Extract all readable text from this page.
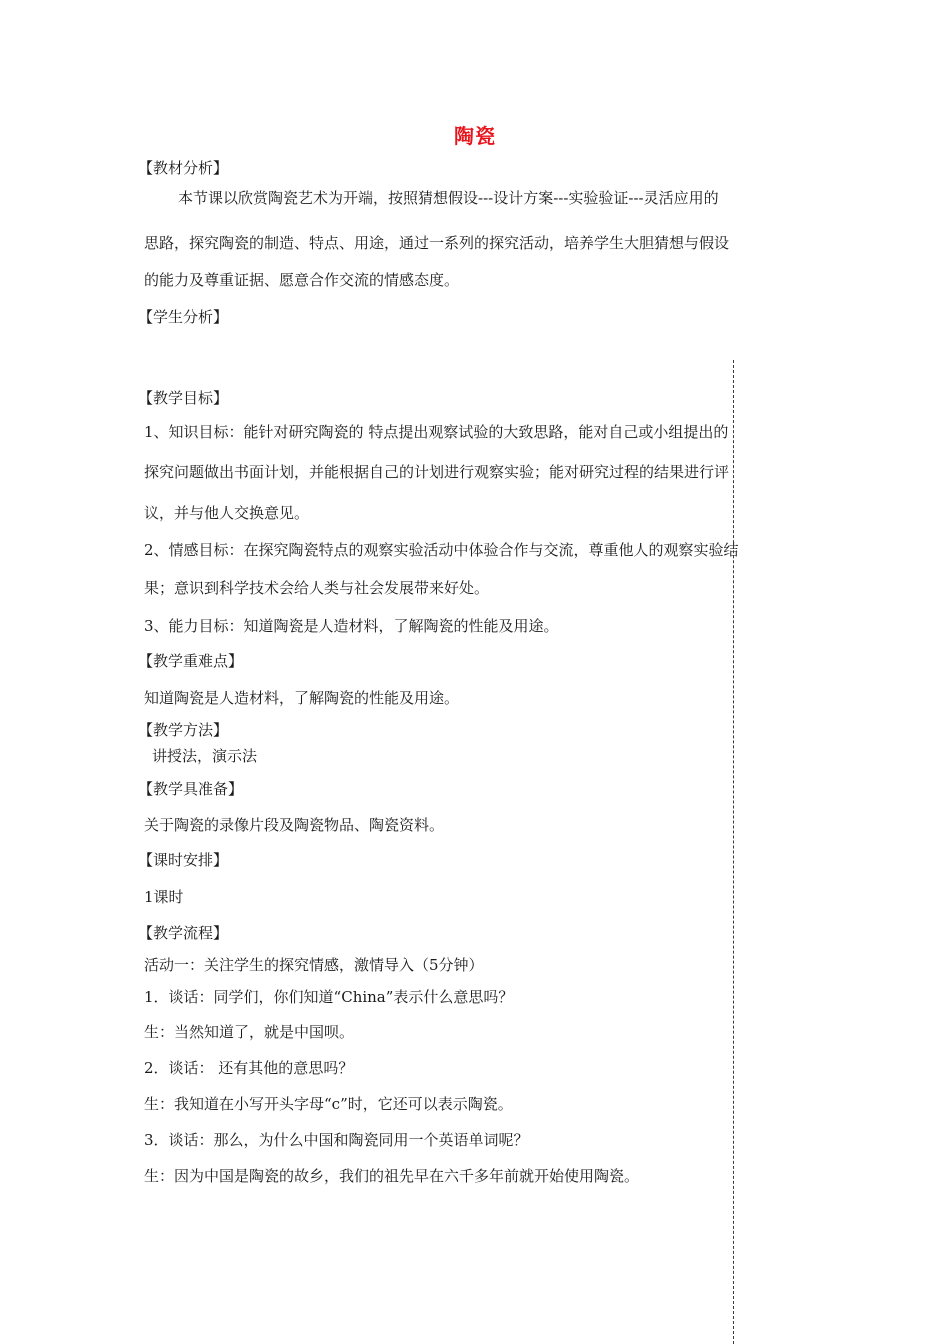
陶瓷
【教材分析】
本节课以欣赏陶瓷艺术为开端，按照猜想假设---设计方案---实验验证---灵活应用的
思路，探究陶瓷的制造、特点、用途，通过一系列的探究活动，培养学生大胆猜想与假设
的能力及尊重证据、愿意合作交流的情感态度。
【学生分析】
【教学目标】
1、知识目标：能针对研究陶瓷的 特点提出观察试验的大致思路，能对自己或小组提出的
探究问题做出书面计划，并能根据自己的计划进行观察实验；能对研究过程的结果进行评
议，并与他人交换意见。
2、情感目标：在探究陶瓷特点的观察实验活动中体验合作与交流，尊重他人的观察实验结
果；意识到科学技术会给人类与社会发展带来好处。
3、能力目标：知道陶瓷是人造材料，了解陶瓷的性能及用途。
【教学重难点】
知道陶瓷是人造材料，了解陶瓷的性能及用途。
【教学方法】
讲授法，演示法
【教学具准备】
关于陶瓷的录像片段及陶瓷物品、陶瓷资料。
【课时安排】
1课时
【教学流程】
活动一：关注学生的探究情感，激情导入（5分钟）
1．谈话：同学们，你们知道“China”表示什么意思吗？
生：当然知道了，就是中国呗。
2．谈话： 还有其他的意思吗？
生：我知道在小写开头字母“c”时，它还可以表示陶瓷。
3．谈话：那么，为什么中国和陶瓷同用一个英语单词呢？
生：因为中国是陶瓷的故乡，我们的祖先早在六千多年前就开始使用陶瓷。
